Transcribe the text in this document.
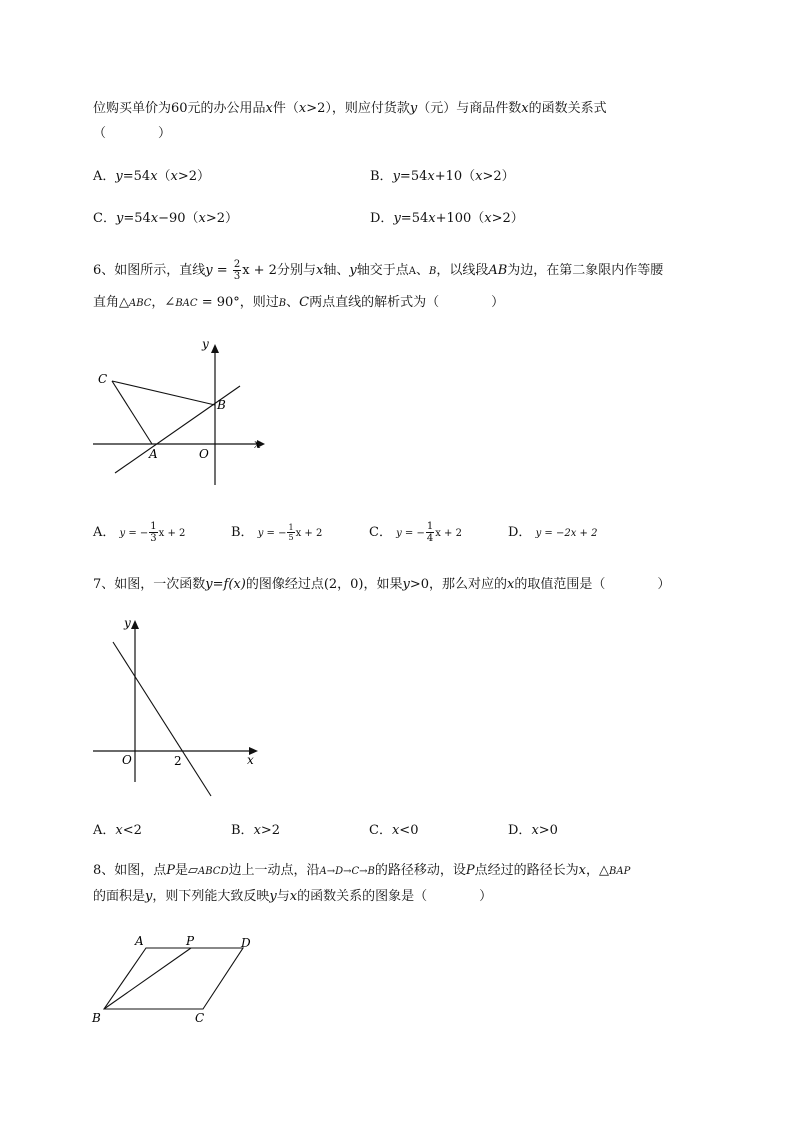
位购买单价为60元的办公用品x件（x>2），则应付货款y（元）与商品件数x的函数关系式
（　　　　）
A．y=54x（x>2）	B．y=54x+10（x>2）
C．y=54x−90（x>2）	D．y=54x+100（x>2）
6、如图所示，直线$y = \frac{2}{3}$ x + 2分别与x轴、y轴交于点A、B，以线段AB为边，在第二象限内作等腰
直角△ABC，∠BAC = 90°，则过B、C两点直线的解析式为（　　　　）
y
x
C
B
A	O
A． y = − $\frac{1}{3}$ x + 2	B． y = − $\frac{1}{5}$ x + 2	C． y = − $\frac{1}{4}$ x + 2	D． y = −2x + 2
7、如图，一次函数y=f(x)的图像经过点(2，0)，如果y>0，那么对应的x的取值范围是（　　　　）
y
x
O	2
A．x<2	B．x>2	C．x<0	D．x>0
8、如图，点P是▱ABCD边上一动点，沿A→D→C→B的路径移动，设P点经过的路径长为x，△BAP
的面积是y，则下列能大致反映y与x的函数关系的图象是（　　　　）
A	P	D
B	C
